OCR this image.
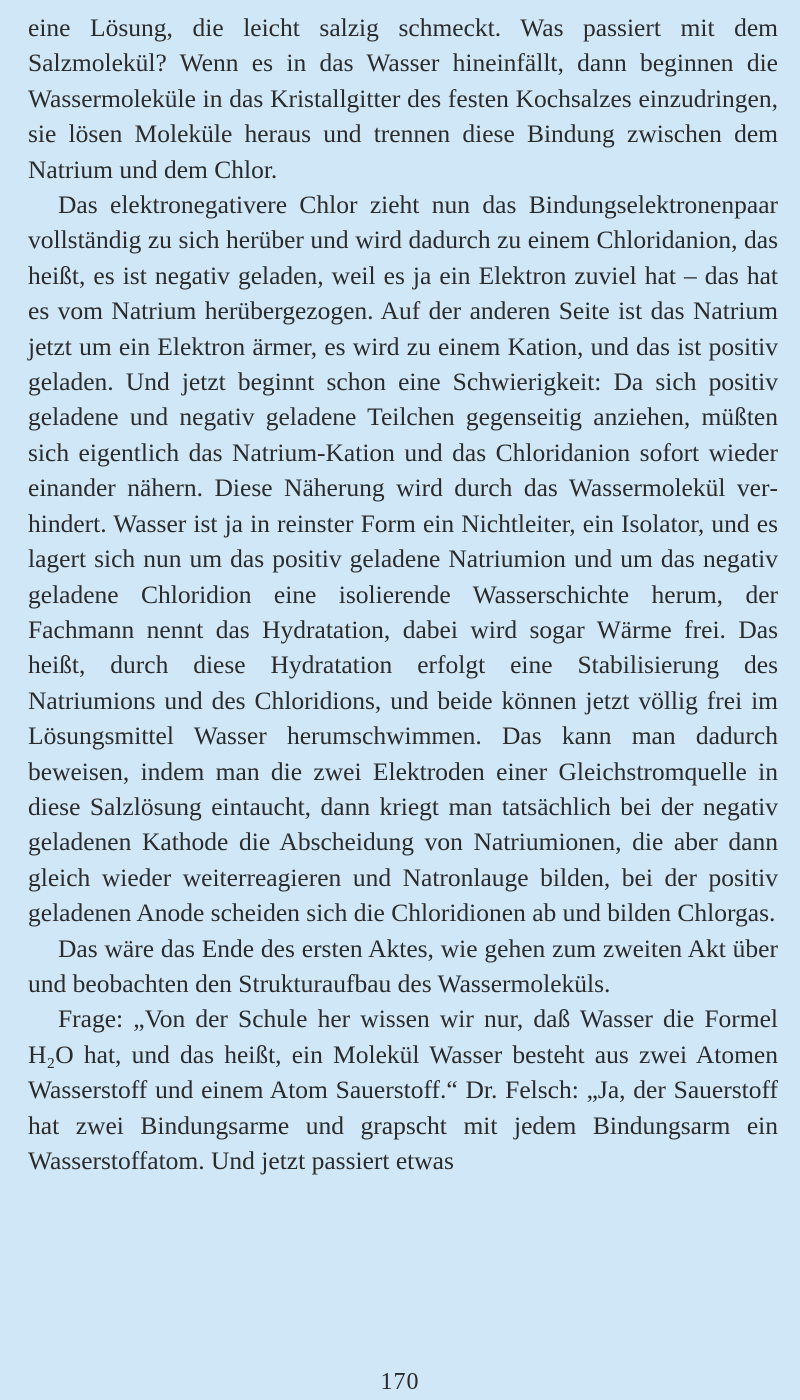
eine Lösung, die leicht salzig schmeckt. Was passiert mit dem Salzmolekül? Wenn es in das Wasser hineinfällt, dann beginnen die Wassermoleküle in das Kristallgitter des festen Kochsalzes einzudringen, sie lösen Moleküle heraus und trennen diese Bindung zwischen dem Natrium und dem Chlor.

Das elektronegativere Chlor zieht nun das Bindungselektronenpaar vollständig zu sich herüber und wird dadurch zu einem Chloridanion, das heißt, es ist negativ geladen, weil es ja ein Elektron zuviel hat – das hat es vom Natrium herübergezogen. Auf der anderen Seite ist das Natrium jetzt um ein Elektron ärmer, es wird zu einem Kation, und das ist positiv geladen. Und jetzt beginnt schon eine Schwierigkeit: Da sich positiv geladene und negativ geladene Teilchen gegenseitig anziehen, müßten sich eigentlich das Natrium-Kation und das Chloridanion sofort wieder einander nähern. Diese Näherung wird durch das Wassermolekül verhindert. Wasser ist ja in reinster Form ein Nichtleiter, ein Isolator, und es lagert sich nun um das positiv geladene Natriumion und um das negativ geladene Chloridion eine isolierende Wasserschichte herum, der Fachmann nennt das Hydratation, dabei wird sogar Wärme frei. Das heißt, durch diese Hydratation erfolgt eine Stabilisierung des Natriumions und des Chloridions, und beide können jetzt völlig frei im Lösungsmittel Wasser herumschwimmen. Das kann man dadurch beweisen, indem man die zwei Elektroden einer Gleichstromquelle in diese Salzlösung eintaucht, dann kriegt man tatsächlich bei der negativ geladenen Kathode die Abscheidung von Natriumionen, die aber dann gleich wieder weiterreagieren und Natronlauge bilden, bei der positiv geladenen Anode scheiden sich die Chloridionen ab und bilden Chlorgas.

Das wäre das Ende des ersten Aktes, wie gehen zum zweiten Akt über und beobachten den Strukturaufbau des Wassermoleküls.

Frage: „Von der Schule her wissen wir nur, daß Wasser die Formel H₂O hat, und das heißt, ein Molekül Wasser besteht aus zwei Atomen Wasserstoff und einem Atom Sauerstoff.“ Dr. Felsch: „Ja, der Sauerstoff hat zwei Bindungsarme und grapscht mit jedem Bindungsarm ein Wasserstoffatom. Und jetzt passiert etwas

170
